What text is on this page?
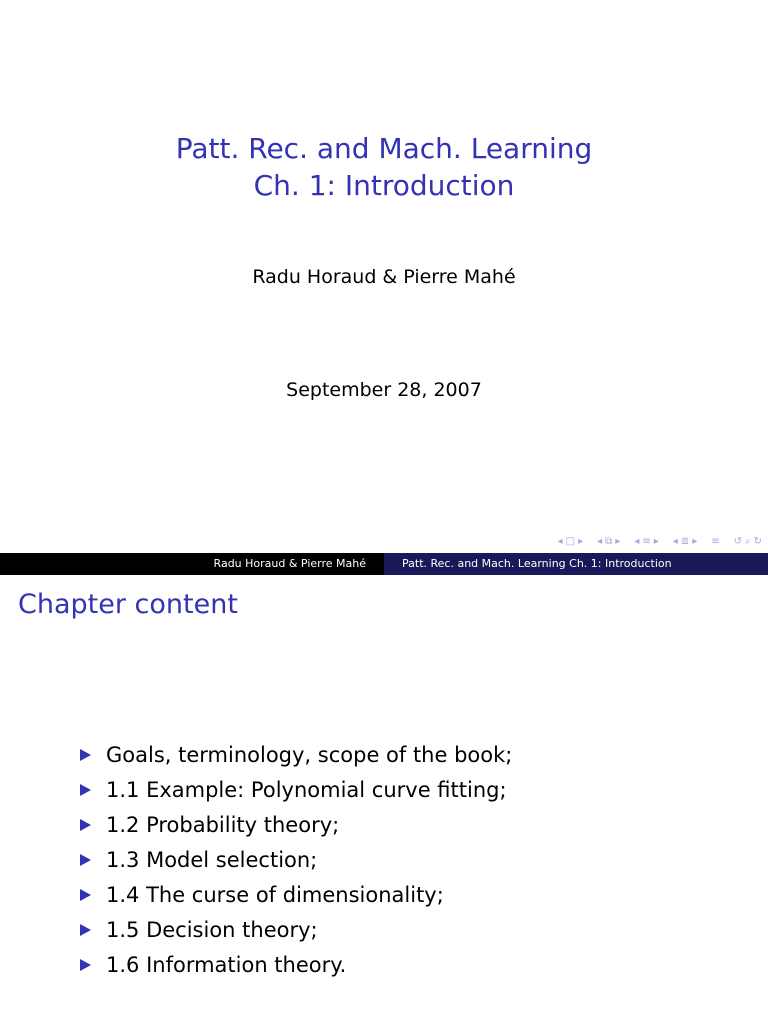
Patt. Rec. and Mach. Learning
Ch. 1: Introduction
Radu Horaud & Pierre Mahé
September 28, 2007
◂ □ ▸ ◂ ⧉ ▸ ◂ ≡ ▸ ◂ ≣ ▸ ≡ ↺ ⌕ ↻
Radu Horaud & Pierre Mahé	Patt. Rec. and Mach. Learning Ch. 1: Introduction
Chapter content
Goals, terminology, scope of the book;
1.1 Example: Polynomial curve fitting;
1.2 Probability theory;
1.3 Model selection;
1.4 The curse of dimensionality;
1.5 Decision theory;
1.6 Information theory.
